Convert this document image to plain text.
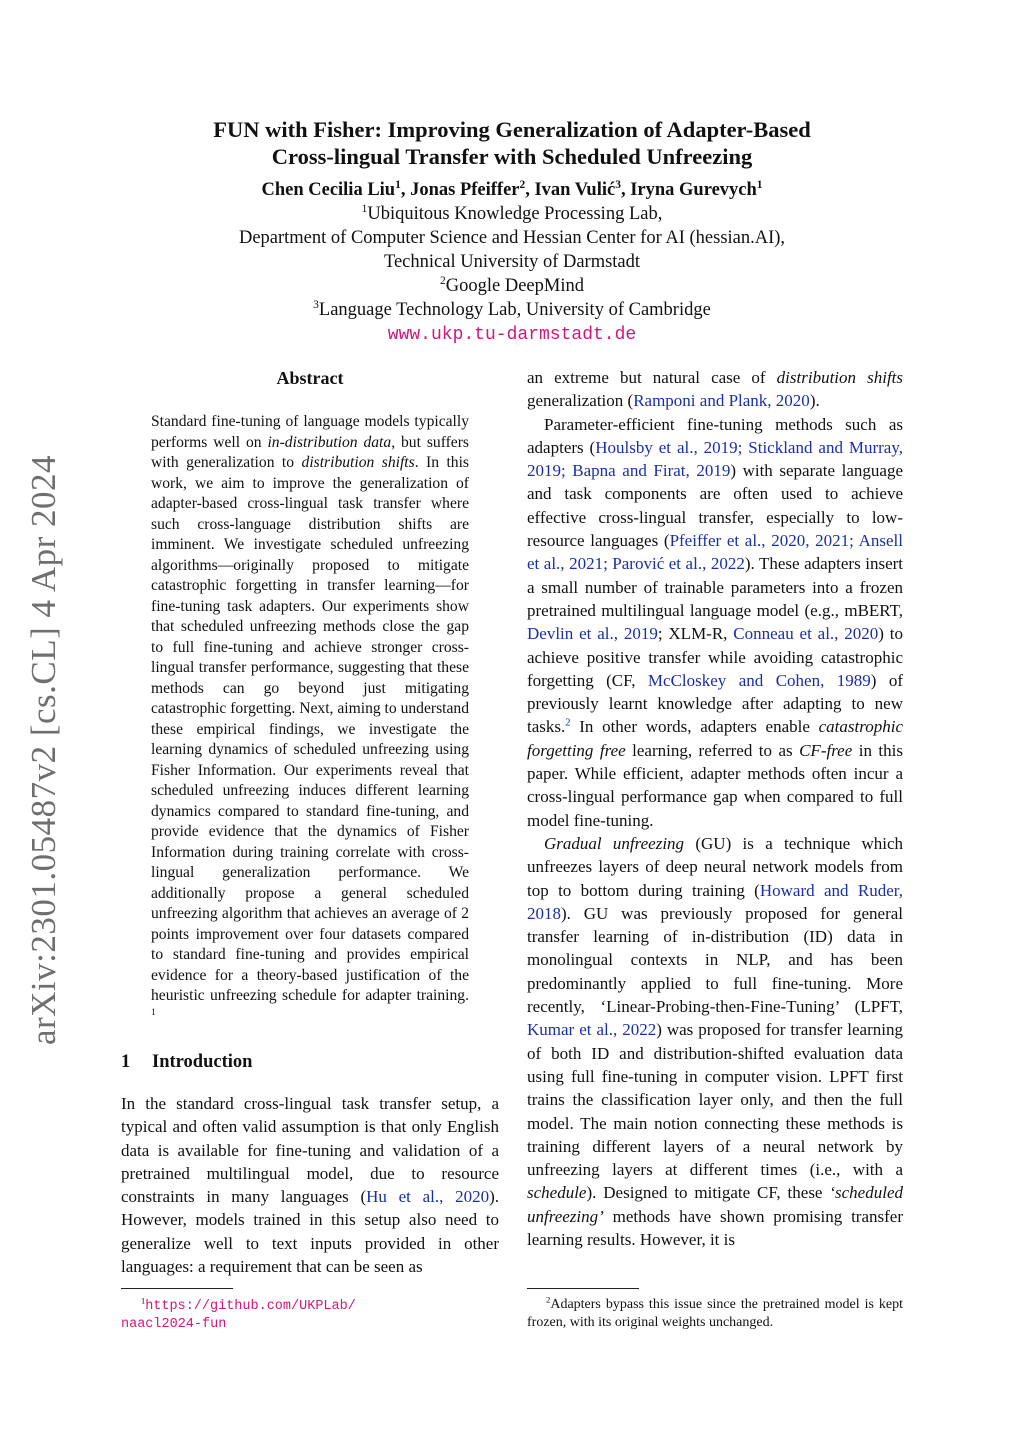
arXiv:2301.05487v2 [cs.CL] 4 Apr 2024
FUN with Fisher: Improving Generalization of Adapter-Based
Cross-lingual Transfer with Scheduled Unfreezing
Chen Cecilia Liu$^1$, Jonas Pfeiffer$^2$, Ivan Vulić$^3$, Iryna Gurevych$^1$
$^1$Ubiquitous Knowledge Processing Lab,
Department of Computer Science and Hessian Center for AI (hessian.AI),
Technical University of Darmstadt
$^2$Google DeepMind
$^3$Language Technology Lab, University of Cambridge
www.ukp.tu-darmstadt.de
Abstract

Standard fine-tuning of language models typically performs well on in-distribution data, but suffers with generalization to distribution shifts. In this work, we aim to improve the generalization of adapter-based cross-lingual task transfer where such cross-language distribution shifts are imminent. We investigate scheduled unfreezing algorithms—originally proposed to mitigate catastrophic forgetting in transfer learning—for fine-tuning task adapters. Our experiments show that scheduled unfreezing methods close the gap to full fine-tuning and achieve stronger cross-lingual transfer performance, suggesting that these methods can go beyond just mitigating catastrophic forgetting. Next, aiming to understand these empirical findings, we investigate the learning dynamics of scheduled unfreezing using Fisher Information. Our experiments reveal that scheduled unfreezing induces different learning dynamics compared to standard fine-tuning, and provide evidence that the dynamics of Fisher Information during training correlate with cross-lingual generalization performance. We additionally propose a general scheduled unfreezing algorithm that achieves an average of 2 points improvement over four datasets compared to standard fine-tuning and provides empirical evidence for a theory-based justification of the heuristic unfreezing schedule for adapter training. $^1$

1 Introduction

In the standard cross-lingual task transfer setup, a typical and often valid assumption is that only English data is available for fine-tuning and validation of a pretrained multilingual model, due to resource constraints in many languages (Hu et al., 2020). However, models trained in this setup also need to generalize well to text inputs provided in other languages: a requirement that can be seen as

an extreme but natural case of distribution shifts generalization (Ramponi and Plank, 2020).

Parameter-efficient fine-tuning methods such as adapters (Houlsby et al., 2019; Stickland and Murray, 2019; Bapna and Firat, 2019) with separate language and task components are often used to achieve effective cross-lingual transfer, especially to low-resource languages (Pfeiffer et al., 2020, 2021; Ansell et al., 2021; Parović et al., 2022). These adapters insert a small number of trainable parameters into a frozen pretrained multilingual language model (e.g., mBERT, Devlin et al., 2019; XLM-R, Conneau et al., 2020) to achieve positive transfer while avoiding catastrophic forgetting (CF, McCloskey and Cohen, 1989) of previously learnt knowledge after adapting to new tasks.$^2$ In other words, adapters enable catastrophic forgetting free learning, referred to as CF-free in this paper. While efficient, adapter methods often incur a cross-lingual performance gap when compared to full model fine-tuning.

Gradual unfreezing (GU) is a technique which unfreezes layers of deep neural network models from top to bottom during training (Howard and Ruder, 2018). GU was previously proposed for general transfer learning of in-distribution (ID) data in monolingual contexts in NLP, and has been predominantly applied to full fine-tuning. More recently, ‘Linear-Probing-then-Fine-Tuning’ (LPFT, Kumar et al., 2022) was proposed for transfer learning of both ID and distribution-shifted evaluation data using full fine-tuning in computer vision. LPFT first trains the classification layer only, and then the full model. The main notion connecting these methods is training different layers of a neural network by unfreezing layers at different times (i.e., with a schedule). Designed to mitigate CF, these ‘scheduled unfreezing’ methods have shown promising transfer learning results. However, it is

$^1$https://github.com/UKPLab/
naacl2024-fun
$^2$Adapters bypass this issue since the pretrained model is kept frozen, with its original weights unchanged.
